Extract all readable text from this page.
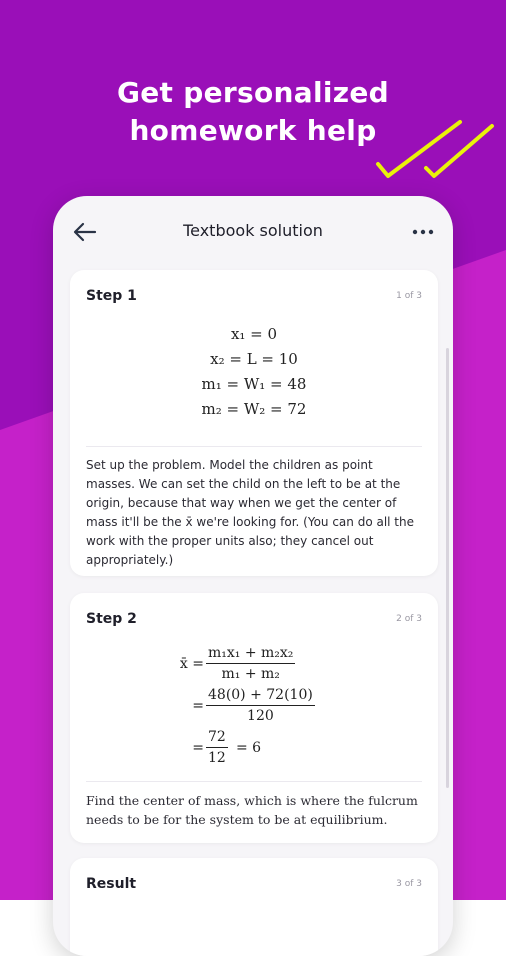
Get personalized
homework help
Textbook solution
Step 1	1 of 3
x₁ = 0
x₂ = L = 10
m₁ = W₁ = 48
m₂ = W₂ = 72
Set up the problem. Model the children as point masses. We can set the child on the left to be at the origin, because that way when we get the center of mass it'll be the x̄ we're looking for. (You can do all the work with the proper units also; they cancel out appropriately.)
Step 2	2 of 3
x̄ =
m₁x₁ + m₂x₂
m₁ + m₂
=
48(0) + 72(10)
120
=
72
12
= 6
Find the center of mass, which is where the fulcrum needs to be for the system to be at equilibrium.
Result	3 of 3
